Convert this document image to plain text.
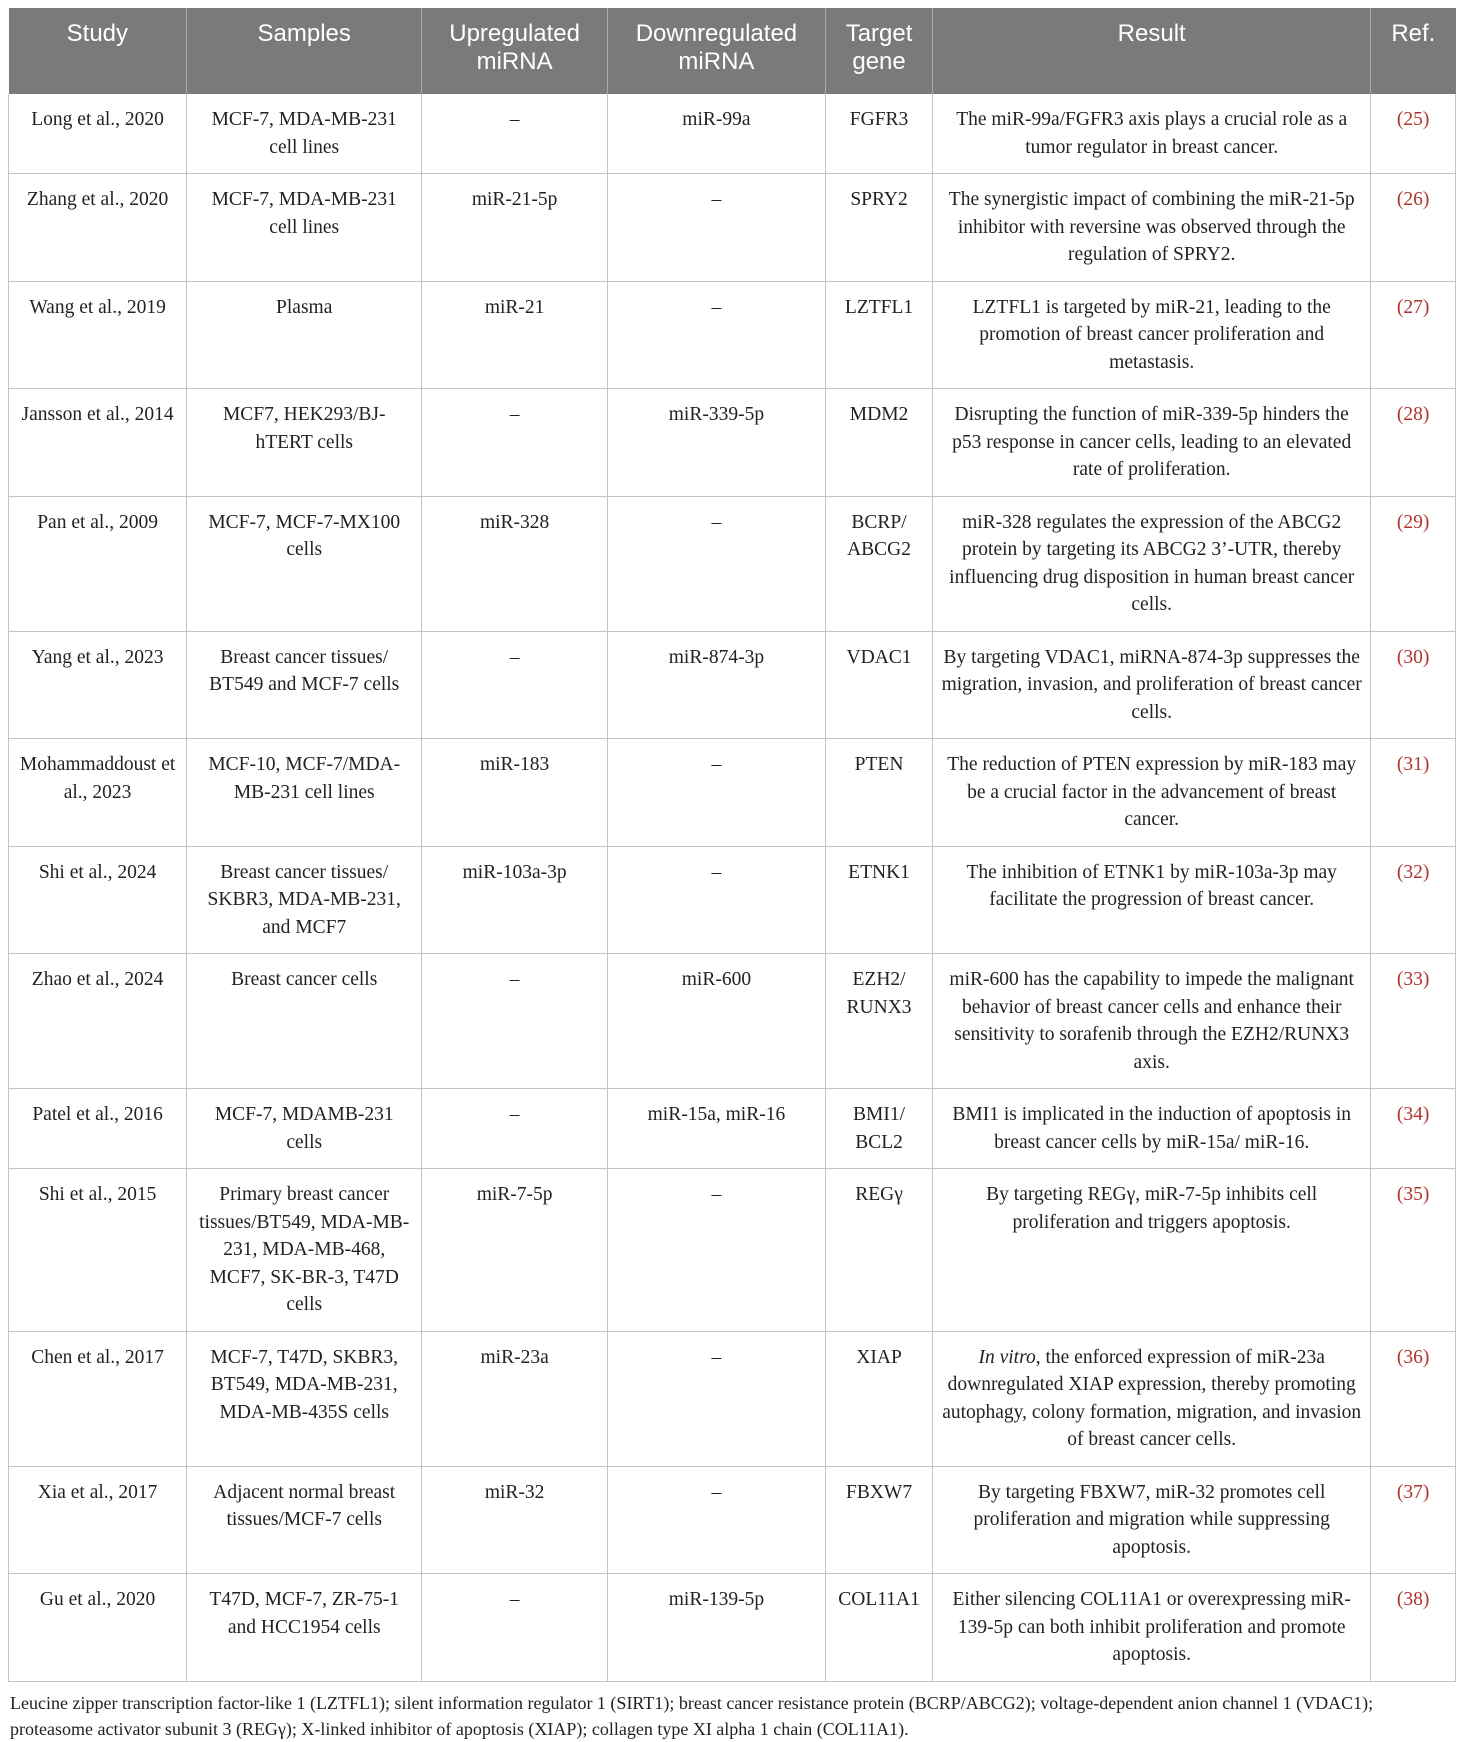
Study	Samples	Upregulated miRNA	Downregulated miRNA	Target gene	Result	Ref.
Long et al., 2020	MCF-7, MDA-MB-231 cell lines	–	miR-99a	FGFR3	The miR-99a/FGFR3 axis plays a crucial role as a tumor regulator in breast cancer.	(25)
Zhang et al., 2020	MCF-7, MDA-MB-231 cell lines	miR-21-5p	–	SPRY2	The synergistic impact of combining the miR-21-5p inhibitor with reversine was observed through the regulation of SPRY2.	(26)
Wang et al., 2019	Plasma	miR-21	–	LZTFL1	LZTFL1 is targeted by miR-21, leading to the promotion of breast cancer proliferation and metastasis.	(27)
Jansson et al., 2014	MCF7, HEK293/BJ-hTERT cells	–	miR-339-5p	MDM2	Disrupting the function of miR-339-5p hinders the p53 response in cancer cells, leading to an elevated rate of proliferation.	(28)
Pan et al., 2009	MCF-7, MCF-7-MX100 cells	miR-328	–	BCRP/ ABCG2	miR-328 regulates the expression of the ABCG2 protein by targeting its ABCG2 3’-UTR, thereby influencing drug disposition in human breast cancer cells.	(29)
Yang et al., 2023	Breast cancer tissues/ BT549 and MCF-7 cells	–	miR-874-3p	VDAC1	By targeting VDAC1, miRNA-874-3p suppresses the migration, invasion, and proliferation of breast cancer cells.	(30)
Mohammaddoust et al., 2023	MCF-10, MCF-7/MDA-MB-231 cell lines	miR-183	–	PTEN	The reduction of PTEN expression by miR-183 may be a crucial factor in the advancement of breast cancer.	(31)
Shi et al., 2024	Breast cancer tissues/ SKBR3, MDA-MB-231, and MCF7	miR-103a-3p	–	ETNK1	The inhibition of ETNK1 by miR-103a-3p may facilitate the progression of breast cancer.	(32)
Zhao et al., 2024	Breast cancer cells	–	miR-600	EZH2/ RUNX3	miR-600 has the capability to impede the malignant behavior of breast cancer cells and enhance their sensitivity to sorafenib through the EZH2/RUNX3 axis.	(33)
Patel et al., 2016	MCF-7, MDAMB-231 cells	–	miR-15a, miR-16	BMI1/ BCL2	BMI1 is implicated in the induction of apoptosis in breast cancer cells by miR-15a/ miR-16.	(34)
Shi et al., 2015	Primary breast cancer tissues/BT549, MDA-MB-231, MDA-MB-468, MCF7, SK-BR-3, T47D cells	miR-7-5p	–	REGγ	By targeting REGγ, miR-7-5p inhibits cell proliferation and triggers apoptosis.	(35)
Chen et al., 2017	MCF-7, T47D, SKBR3, BT549, MDA-MB-231, MDA-MB-435S cells	miR-23a	–	XIAP	In vitro, the enforced expression of miR-23a downregulated XIAP expression, thereby promoting autophagy, colony formation, migration, and invasion of breast cancer cells.	(36)
Xia et al., 2017	Adjacent normal breast tissues/MCF-7 cells	miR-32	–	FBXW7	By targeting FBXW7, miR-32 promotes cell proliferation and migration while suppressing apoptosis.	(37)
Gu et al., 2020	T47D, MCF-7, ZR-75-1 and HCC1954 cells	–	miR-139-5p	COL11A1	Either silencing COL11A1 or overexpressing miR-139-5p can both inhibit proliferation and promote apoptosis.	(38)
Leucine zipper transcription factor-like 1 (LZTFL1); silent information regulator 1 (SIRT1); breast cancer resistance protein (BCRP/ABCG2); voltage-dependent anion channel 1 (VDAC1); proteasome activator subunit 3 (REGγ); X-linked inhibitor of apoptosis (XIAP); collagen type XI alpha 1 chain (COL11A1).
